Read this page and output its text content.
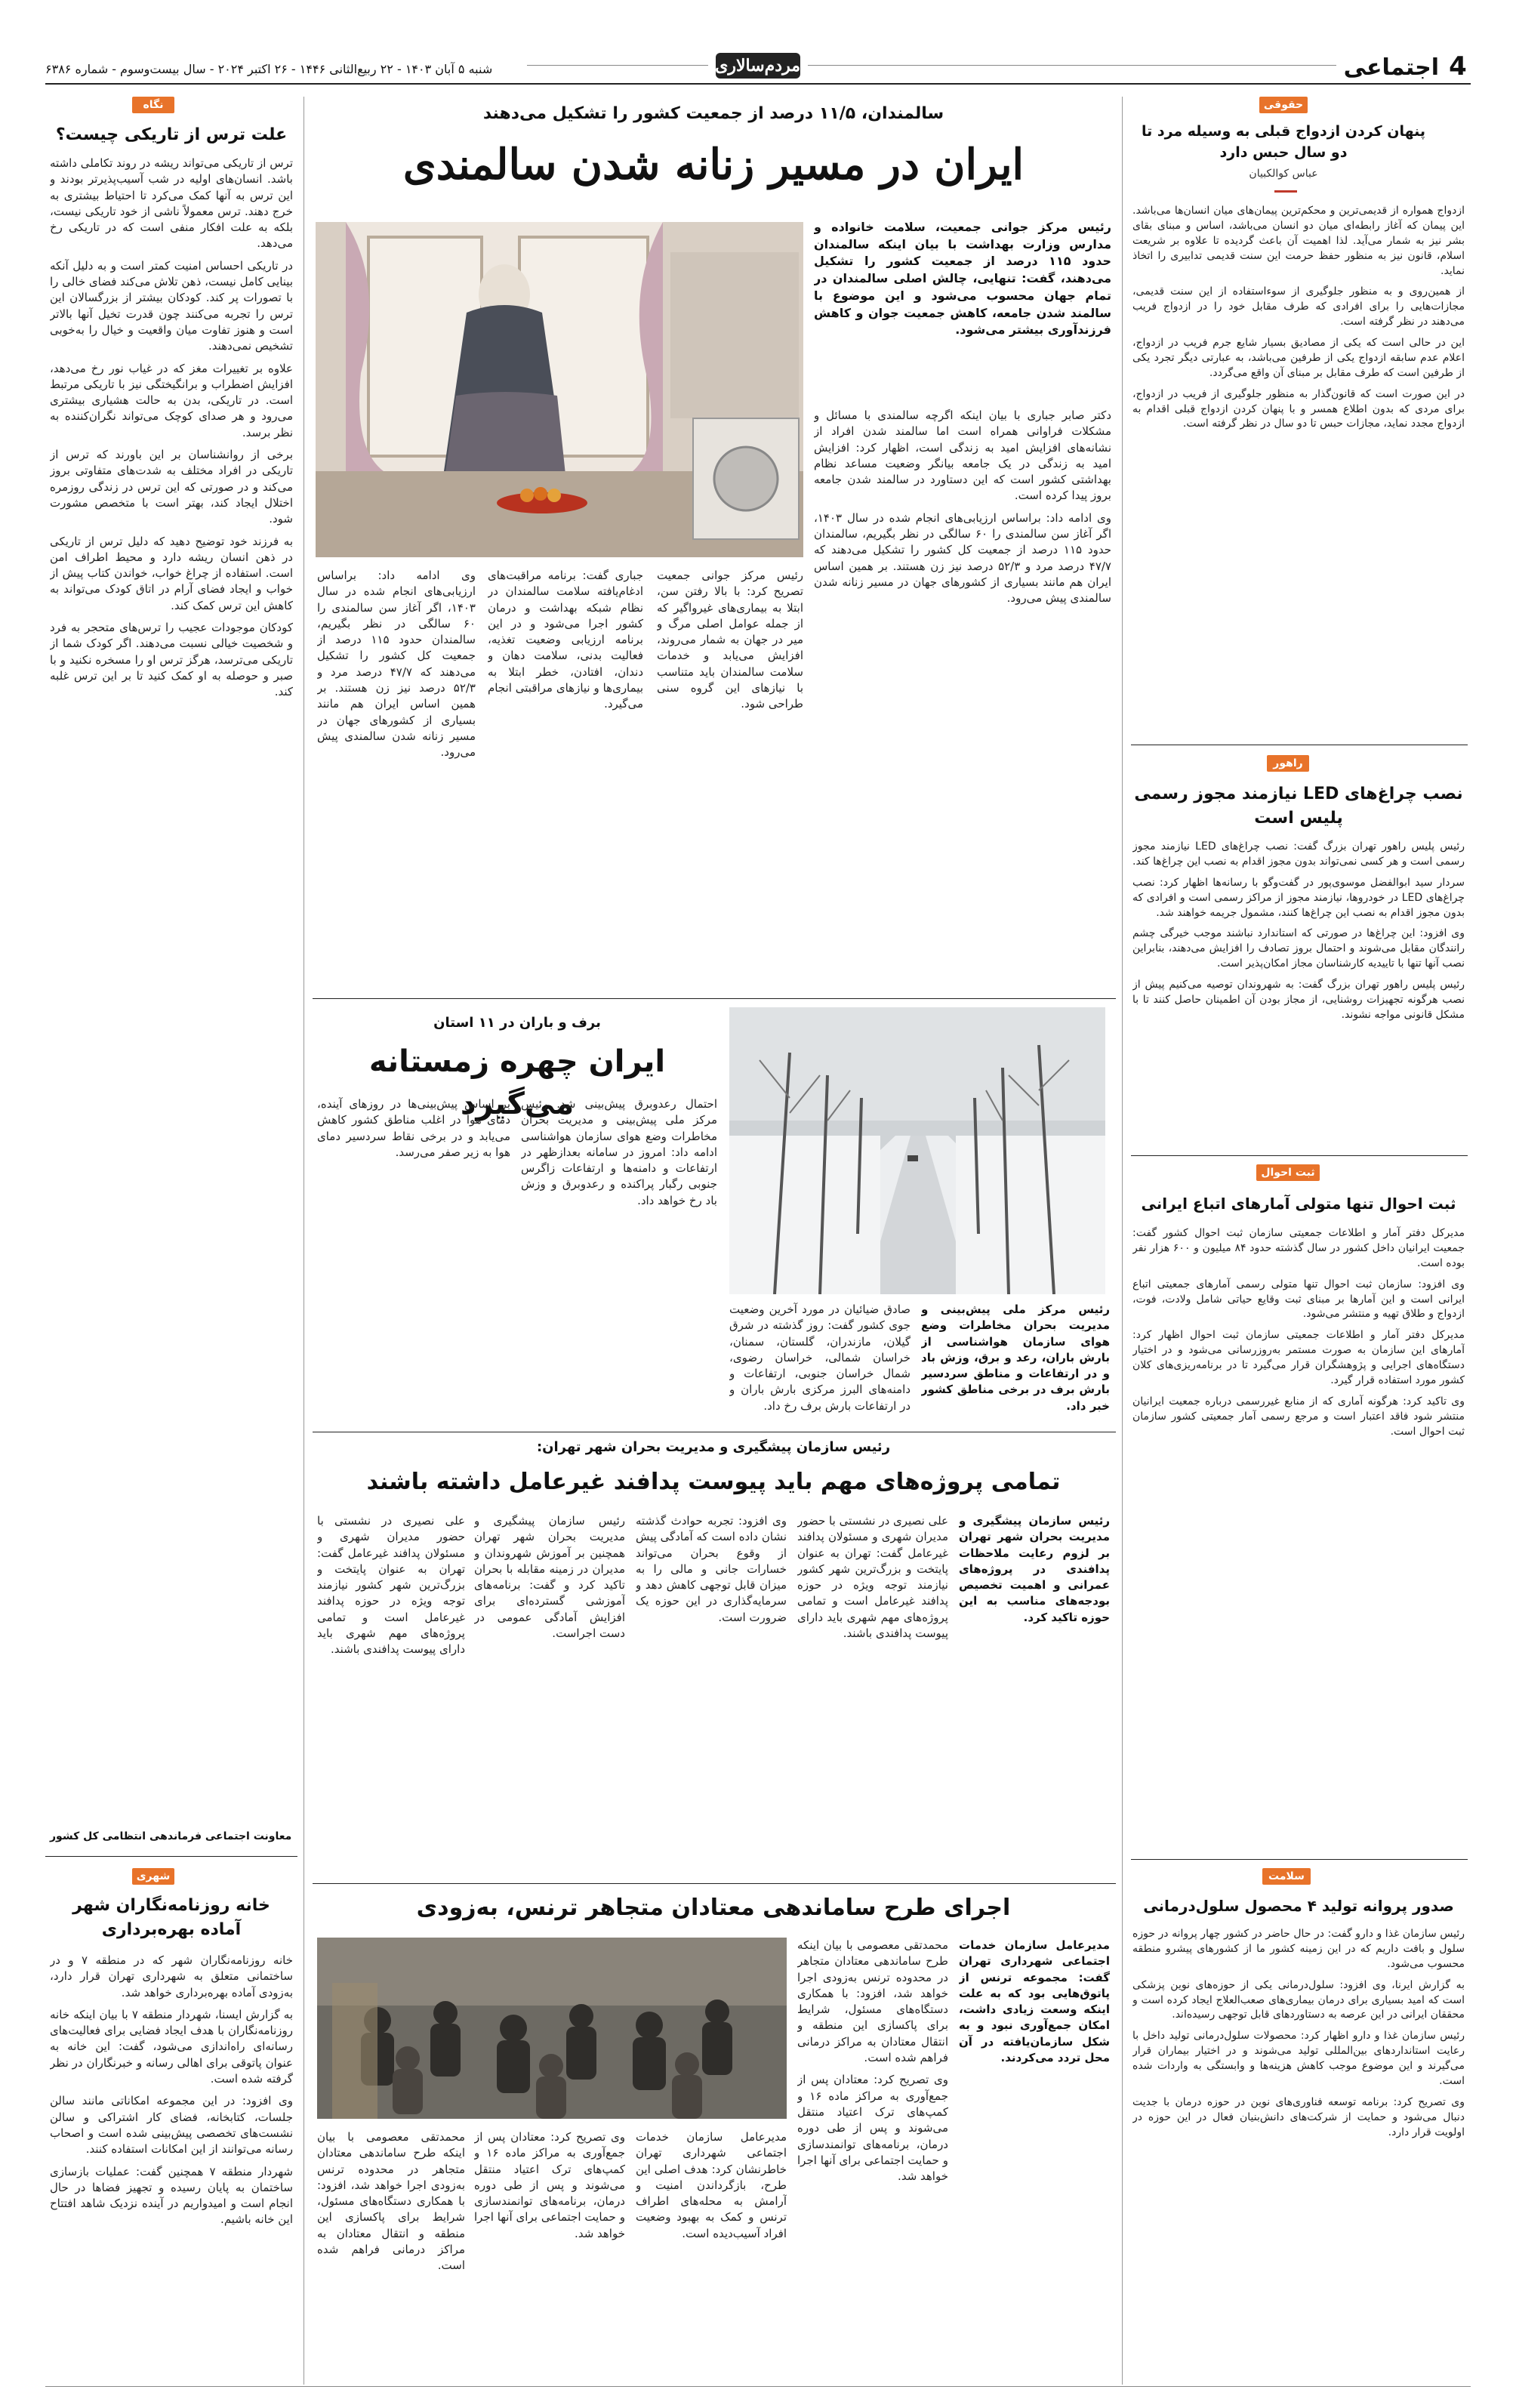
4
اجتماعی
مردم‌سالاری
شنبه ۵ آبان ۱۴۰۳ - ۲۲ ربیع‌الثانی ۱۴۴۶ - ۲۶ اکتبر ۲۰۲۴ - سال بیست‌وسوم - شماره ۶۳۸۶
نگاه
علت ترس از تاریکی چیست؟

ترس از تاریکی می‌تواند ریشه در روند تکاملی داشته باشد. انسان‌های اولیه در شب آسیب‌پذیرتر بودند و این ترس به آنها کمک می‌کرد تا احتیاط بیشتری به خرج دهند. ترس معمولاً ناشی از خود تاریکی نیست، بلکه به علت افکار منفی است که در تاریکی رخ می‌دهد.

در تاریکی احساس امنیت کمتر است و به دلیل آنکه بینایی کامل نیست، ذهن تلاش می‌کند فضای خالی را با تصورات پر کند. کودکان بیشتر از بزرگسالان این ترس را تجربه می‌کنند چون قدرت تخیل آنها بالاتر است و هنوز تفاوت میان واقعیت و خیال را به‌خوبی تشخیص نمی‌دهند.

علاوه بر تغییرات مغز که در غیاب نور رخ می‌دهد، افزایش اضطراب و برانگیختگی نیز با تاریکی مرتبط است. در تاریکی، بدن به حالت هشیاری بیشتری می‌رود و هر صدای کوچک می‌تواند نگران‌کننده به نظر برسد.

برخی از روانشناسان بر این باورند که ترس از تاریکی در افراد مختلف به شدت‌های متفاوتی بروز می‌کند و در صورتی که این ترس در زندگی روزمره اختلال ایجاد کند، بهتر است با متخصص مشورت شود.

به فرزند خود توضیح دهید که دلیل ترس از تاریکی در ذهن انسان ریشه دارد و محیط اطراف امن است. استفاده از چراغ خواب، خواندن کتاب پیش از خواب و ایجاد فضای آرام در اتاق کودک می‌تواند به کاهش این ترس کمک کند.

کودکان موجودات عجیب را ترس‌های متحجر به فرد و شخصیت خیالی نسبت می‌دهند. اگر کودک شما از تاریکی می‌ترسد، هرگز ترس او را مسخره نکنید و با صبر و حوصله به او کمک کنید تا بر این ترس غلبه کند.

معاونت اجتماعی فرماندهی انتظامی کل کشور
شهری
خانه روزنامه‌نگاران شهر آماده بهره‌برداری

خانه روزنامه‌نگاران شهر که در منطقه ۷ و در ساختمانی متعلق به شهرداری تهران قرار دارد، به‌زودی آماده بهره‌برداری خواهد شد.

به گزارش ایسنا، شهردار منطقه ۷ با بیان اینکه خانه روزنامه‌نگاران با هدف ایجاد فضایی برای فعالیت‌های رسانه‌ای راه‌اندازی می‌شود، گفت: این خانه به عنوان پاتوقی برای اهالی رسانه و خبرنگاران در نظر گرفته شده است.

وی افزود: در این مجموعه امکاناتی مانند سالن جلسات، کتابخانه، فضای کار اشتراکی و سالن نشست‌های تخصصی پیش‌بینی شده است و اصحاب رسانه می‌توانند از این امکانات استفاده کنند.

شهردار منطقه ۷ همچنین گفت: عملیات بازسازی ساختمان به پایان رسیده و تجهیز فضاها در حال انجام است و امیدواریم در آینده نزدیک شاهد افتتاح این خانه باشیم.

حقوقی
پنهان کردن ازدواج قبلی به وسیله مرد تا دو سال حبس دارد
عباس کوالکبیان

ازدواج همواره از قدیمی‌ترین و محکم‌ترین پیمان‌های میان انسان‌ها می‌باشد. این پیمان که آغاز رابطه‌ای میان دو انسان می‌باشد، اساس و مبنای بقای بشر نیز به شمار می‌آید. لذا اهمیت آن باعث گردیده تا علاوه بر شریعت اسلام، قانون نیز به منظور حفظ حرمت این سنت قدیمی تدابیری را اتخاذ نماید.

از همین‌روی و به منظور جلوگیری از سوءاستفاده از این سنت قدیمی، مجازات‌هایی را برای افرادی که طرف مقابل خود را در ازدواج فریب می‌دهند در نظر گرفته است.

این در حالی است که یکی از مصادیق بسیار شایع جرم فریب در ازدواج، اعلام عدم سابقه ازدواج یکی از طرفین می‌باشد، به عبارتی دیگر تجرد یکی از طرفین است که طرف مقابل بر مبنای آن واقع می‌گردد.

در این صورت است که قانون‌گذار به منظور جلوگیری از فریب در ازدواج، برای مردی که بدون اطلاع همسر و با پنهان کردن ازدواج قبلی اقدام به ازدواج مجدد نماید، مجازات حبس تا دو سال در نظر گرفته است.

راهور
نصب چراغ‌های LED نیازمند مجوز رسمی پلیس است

رئیس پلیس راهور تهران بزرگ گفت: نصب چراغ‌های LED نیازمند مجوز رسمی است و هر کسی نمی‌تواند بدون مجوز اقدام به نصب این چراغ‌ها کند.

سردار سید ابوالفضل موسوی‌پور در گفت‌وگو با رسانه‌ها اظهار کرد: نصب چراغ‌های LED در خودروها، نیازمند مجوز از مراکز رسمی است و افرادی که بدون مجوز اقدام به نصب این چراغ‌ها کنند، مشمول جریمه خواهند شد.

وی افزود: این چراغ‌ها در صورتی که استاندارد نباشند موجب خیرگی چشم رانندگان مقابل می‌شوند و احتمال بروز تصادف را افزایش می‌دهند، بنابراین نصب آنها تنها با تاییدیه کارشناسان مجاز امکان‌پذیر است.

رئیس پلیس راهور تهران بزرگ گفت: به شهروندان توصیه می‌کنیم پیش از نصب هرگونه تجهیزات روشنایی، از مجاز بودن آن اطمینان حاصل کنند تا با مشکل قانونی مواجه نشوند.

ثبت احوال
ثبت احوال تنها متولی آمارهای اتباع ایرانی

مدیرکل دفتر آمار و اطلاعات جمعیتی سازمان ثبت احوال کشور گفت: جمعیت ایرانیان داخل کشور در سال گذشته حدود ۸۴ میلیون و ۶۰۰ هزار نفر بوده است.

وی افزود: سازمان ثبت احوال تنها متولی رسمی آمارهای جمعیتی اتباع ایرانی است و این آمارها بر مبنای ثبت وقایع حیاتی شامل ولادت، فوت، ازدواج و طلاق تهیه و منتشر می‌شود.

مدیرکل دفتر آمار و اطلاعات جمعیتی سازمان ثبت احوال اظهار کرد: آمارهای این سازمان به صورت مستمر به‌روزرسانی می‌شود و در اختیار دستگاه‌های اجرایی و پژوهشگران قرار می‌گیرد تا در برنامه‌ریزی‌های کلان کشور مورد استفاده قرار گیرد.

وی تاکید کرد: هرگونه آماری که از منابع غیررسمی درباره جمعیت ایرانیان منتشر شود فاقد اعتبار است و مرجع رسمی آمار جمعیتی کشور سازمان ثبت احوال است.

سلامت
صدور پروانه تولید ۴ محصول سلول‌درمانی

رئیس سازمان غذا و دارو گفت: در حال حاضر در کشور چهار پروانه در حوزه سلول و بافت داریم که در این زمینه کشور ما از کشورهای پیشرو منطقه محسوب می‌شود.

به گزارش ایرنا، وی افزود: سلول‌درمانی یکی از حوزه‌های نوین پزشکی است که امید بسیاری برای درمان بیماری‌های صعب‌العلاج ایجاد کرده است و محققان ایرانی در این عرصه به دستاوردهای قابل توجهی رسیده‌اند.

رئیس سازمان غذا و دارو اظهار کرد: محصولات سلول‌درمانی تولید داخل با رعایت استانداردهای بین‌المللی تولید می‌شوند و در اختیار بیماران قرار می‌گیرند و این موضوع موجب کاهش هزینه‌ها و وابستگی به واردات شده است.

وی تصریح کرد: برنامه توسعه فناوری‌های نوین در حوزه درمان با جدیت دنبال می‌شود و حمایت از شرکت‌های دانش‌بنیان فعال در این حوزه در اولویت قرار دارد.

سالمندان، ۱۱/۵ درصد از جمعیت کشور را تشکیل می‌دهند
ایران در مسیر زنانه شدن سالمندی
رئیس مرکز جوانی جمعیت، سلامت خانواده و مدارس وزارت بهداشت با بیان اینکه سالمندان حدود ۱۱۵ درصد از جمعیت کشور را تشکیل می‌دهند، گفت: تنهایی، چالش اصلی سالمندان در تمام جهان محسوب می‌شود و این موضوع با سالمند شدن جامعه، کاهش جمعیت جوان و کاهش فرزندآوری بیشتر می‌شود.

دکتر صابر جباری با بیان اینکه اگرچه سالمندی با مسائل و مشکلات فراوانی همراه است اما سالمند شدن افراد از نشانه‌های افزایش امید به زندگی است، اظهار کرد: افزایش امید به زندگی در یک جامعه بیانگر وضعیت مساعد نظام بهداشتی کشور است که این دستاورد در سالمند شدن جامعه بروز پیدا کرده است.

وی ادامه داد: براساس ارزیابی‌های انجام شده در سال ۱۴۰۳، اگر آغاز سن سالمندی را ۶۰ سالگی در نظر بگیریم، سالمندان حدود ۱۱۵ درصد از جمعیت کل کشور را تشکیل می‌دهند که ۴۷/۷ درصد مرد و ۵۲/۳ درصد نیز زن هستند. بر همین اساس ایران هم مانند بسیاری از کشورهای جهان در مسیر زنانه شدن سالمندی پیش می‌رود.

رئیس مرکز جوانی جمعیت تصریح کرد: با بالا رفتن سن، ابتلا به بیماری‌های غیرواگیر که از جمله عوامل اصلی مرگ و میر در جهان به شمار می‌روند، افزایش می‌یابد و خدمات سلامت سالمندان باید متناسب با نیازهای این گروه سنی طراحی شود.

جباری گفت: برنامه مراقبت‌های ادغام‌یافته سلامت سالمندان در نظام شبکه بهداشت و درمان کشور اجرا می‌شود و در این برنامه ارزیابی وضعیت تغذیه، فعالیت بدنی، سلامت دهان و دندان، افتادن، خطر ابتلا به بیماری‌ها و نیازهای مراقبتی انجام می‌گیرد.

وی ادامه داد: براساس ارزیابی‌های انجام شده در سال ۱۴۰۳، اگر آغاز سن سالمندی را ۶۰ سالگی در نظر بگیریم، سالمندان حدود ۱۱۵ درصد از جمعیت کل کشور را تشکیل می‌دهند که ۴۷/۷ درصد مرد و ۵۲/۳ درصد نیز زن هستند. بر همین اساس ایران هم مانند بسیاری از کشورهای جهان در مسیر زنانه شدن سالمندی پیش می‌رود.

برف و باران در ۱۱ استان
ایران چهره زمستانه می‌گیرد

احتمال رعدوبرق پیش‌بینی شد. رئیس مرکز ملی پیش‌بینی و مدیریت بحران مخاطرات وضع هوای سازمان هواشناسی ادامه داد: امروز در سامانه بعدازظهر در ارتفاعات و دامنه‌ها و ارتفاعات زاگرس جنوبی رگبار پراکنده و رعدوبرق و وزش باد رخ خواهد داد.

بر اساس پیش‌بینی‌ها در روزهای آینده، دمای هوا در اغلب مناطق کشور کاهش می‌یابد و در برخی نقاط سردسیر دمای هوا به زیر صفر می‌رسد.

رئیس مرکز ملی پیش‌بینی و مدیریت بحران مخاطرات وضع هوای سازمان هواشناسی از بارش باران، رعد و برق، وزش باد و در ارتفاعات و مناطق سردسیر بارش برف در برخی مناطق کشور خبر داد.

صادق ضیائیان در مورد آخرین وضعیت جوی کشور گفت: روز گذشته در شرق گیلان، مازندران، گلستان، سمنان، خراسان شمالی، خراسان رضوی، شمال خراسان جنوبی، ارتفاعات و دامنه‌های البرز مرکزی بارش باران و در ارتفاعات بارش برف رخ داد.

رئیس سازمان پیشگیری و مدیریت بحران شهر تهران:
تمامی پروژه‌های مهم باید پیوست پدافند غیرعامل داشته باشند
رئیس سازمان پیشگیری و مدیریت بحران شهر تهران بر لزوم رعایت ملاحظات پدافندی در پروژه‌های عمرانی و اهمیت تخصیص بودجه‌های مناسب به این حوزه تاکید کرد.

علی نصیری در نشستی با حضور مدیران شهری و مسئولان پدافند غیرعامل گفت: تهران به عنوان پایتخت و بزرگ‌ترین شهر کشور نیازمند توجه ویژه در حوزه پدافند غیرعامل است و تمامی پروژه‌های مهم شهری باید دارای پیوست پدافندی باشند.

وی افزود: تجربه حوادث گذشته نشان داده است که آمادگی پیش از وقوع بحران می‌تواند خسارات جانی و مالی را به میزان قابل توجهی کاهش دهد و سرمایه‌گذاری در این حوزه یک ضرورت است.

رئیس سازمان پیشگیری و مدیریت بحران شهر تهران همچنین بر آموزش شهروندان و مدیران در زمینه مقابله با بحران تاکید کرد و گفت: برنامه‌های آموزشی گسترده‌ای برای افزایش آمادگی عمومی در دست اجراست.

علی نصیری در نشستی با حضور مدیران شهری و مسئولان پدافند غیرعامل گفت: تهران به عنوان پایتخت و بزرگ‌ترین شهر کشور نیازمند توجه ویژه در حوزه پدافند غیرعامل است و تمامی پروژه‌های مهم شهری باید دارای پیوست پدافندی باشند.

اجرای طرح ساماندهی معتادان متجاهر ترنس، به‌زودی
مدیرعامل سازمان خدمات اجتماعی شهرداری تهران گفت: مجموعه ترنس از پاتوق‌هایی بود که به علت اینکه وسعت زیادی داشت، امکان جمع‌آوری نبود و به شکل سازمان‌یافته در آن محل تردد می‌کردند.

محمدتقی معصومی با بیان اینکه طرح ساماندهی معتادان متجاهر در محدوده ترنس به‌زودی اجرا خواهد شد، افزود: با همکاری دستگاه‌های مسئول، شرایط برای پاکسازی این منطقه و انتقال معتادان به مراکز درمانی فراهم شده است.

وی تصریح کرد: معتادان پس از جمع‌آوری به مراکز ماده ۱۶ و کمپ‌های ترک اعتیاد منتقل می‌شوند و پس از طی دوره درمان، برنامه‌های توانمندسازی و حمایت اجتماعی برای آنها اجرا خواهد شد.

مدیرعامل سازمان خدمات اجتماعی شهرداری تهران خاطرنشان کرد: هدف اصلی این طرح، بازگرداندن امنیت و آرامش به محله‌های اطراف ترنس و کمک به بهبود وضعیت افراد آسیب‌دیده است.

وی تصریح کرد: معتادان پس از جمع‌آوری به مراکز ماده ۱۶ و کمپ‌های ترک اعتیاد منتقل می‌شوند و پس از طی دوره درمان، برنامه‌های توانمندسازی و حمایت اجتماعی برای آنها اجرا خواهد شد.

محمدتقی معصومی با بیان اینکه طرح ساماندهی معتادان متجاهر در محدوده ترنس به‌زودی اجرا خواهد شد، افزود: با همکاری دستگاه‌های مسئول، شرایط برای پاکسازی این منطقه و انتقال معتادان به مراکز درمانی فراهم شده است.
